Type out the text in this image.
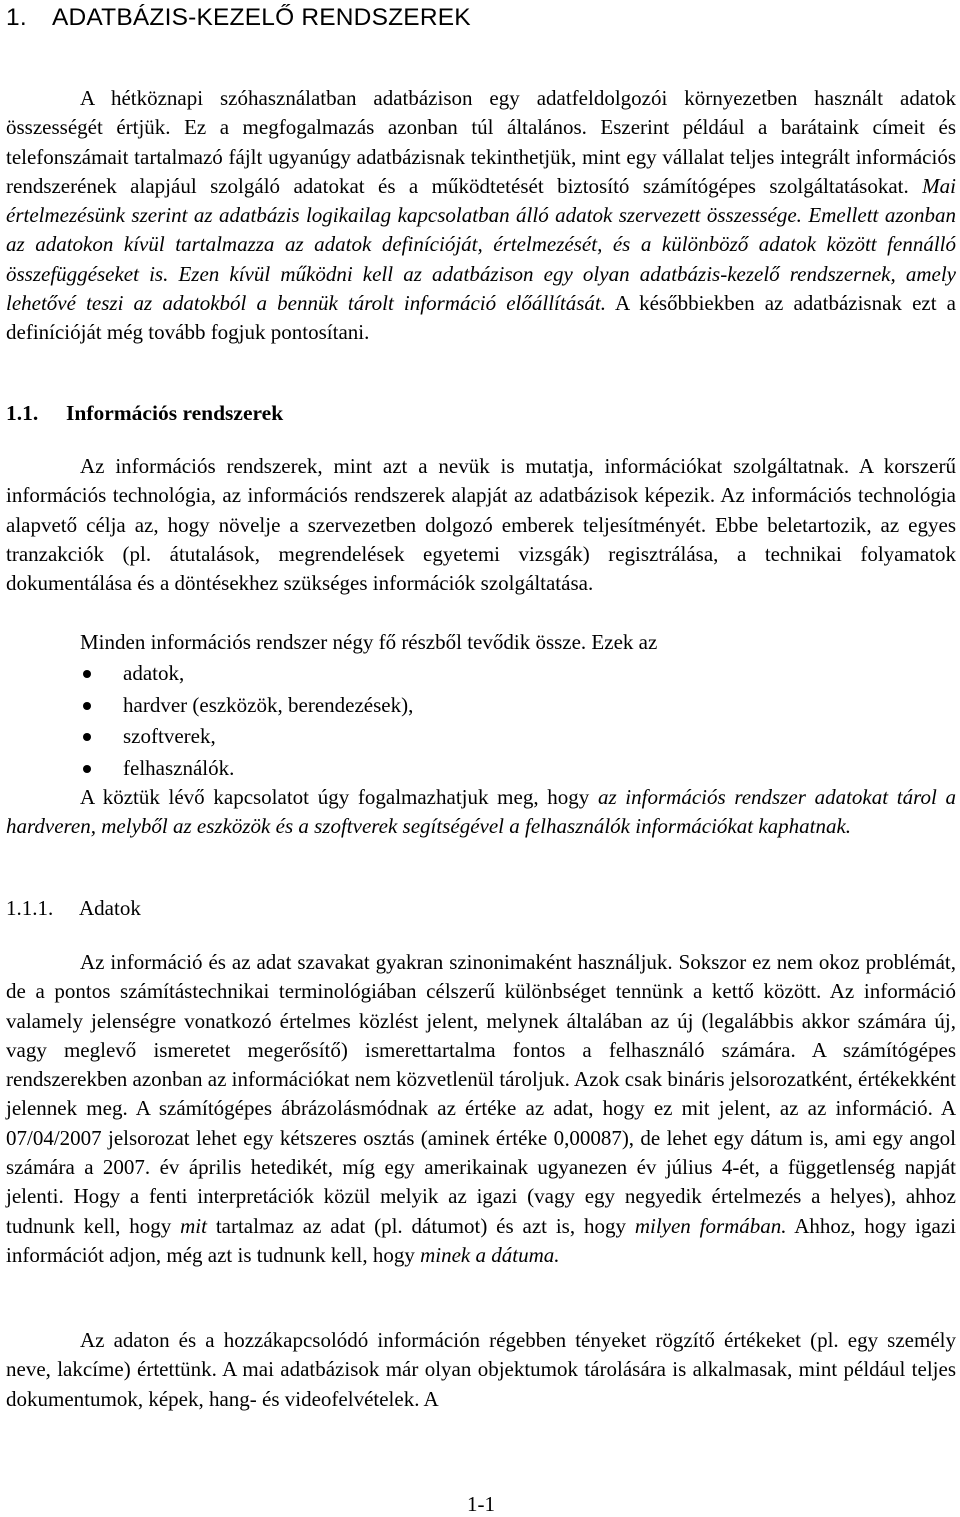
1. ADATBÁZIS-KEZELŐ RENDSZEREK

A hétköznapi szóhasználatban adatbázison egy adatfeldolgozói környezetben használt adatok összességét értjük. Ez a megfogalmazás azonban túl általános. Eszerint például a barátaink címeit és telefonszámait tartalmazó fájlt ugyanúgy adatbázisnak tekinthetjük, mint egy vállalat teljes integrált információs rendszerének alapjául szolgáló adatokat és a működtetését biztosító számítógépes szolgáltatásokat. Mai értelmezésünk szerint az adatbázis logikailag kapcsolatban álló adatok szervezett összessége. Emellett azonban az adatokon kívül tartalmazza az adatok definícióját, értelmezését, és a különböző adatok között fennálló összefüggéseket is. Ezen kívül működni kell az adatbázison egy olyan adatbázis-kezelő rendszernek, amely lehetővé teszi az adatokból a bennük tárolt információ előállítását. A későbbiekben az adatbázisnak ezt a definícióját még tovább fogjuk pontosítani.

1.1. Információs rendszerek

Az információs rendszerek, mint azt a nevük is mutatja, információkat szolgáltatnak. A korszerű információs technológia, az információs rendszerek alapját az adatbázisok képezik. Az információs technológia alapvető célja az, hogy növelje a szervezetben dolgozó emberek teljesítményét. Ebbe beletartozik, az egyes tranzakciók (pl. átutalások, megrendelések egyetemi vizsgák) regisztrálása, a technikai folyamatok dokumentálása és a döntésekhez szükséges információk szolgáltatása.

Minden információs rendszer négy fő részből tevődik össze. Ezek az

adatok,
hardver (eszközök, berendezések),
szoftverek,
felhasználók.

A köztük lévő kapcsolatot úgy fogalmazhatjuk meg, hogy az információs rendszer adatokat tárol a hardveren, melyből az eszközök és a szoftverek segítségével a felhasználók információkat kaphatnak.

1.1.1. Adatok

Az információ és az adat szavakat gyakran szinonimaként használjuk. Sokszor ez nem okoz problémát, de a pontos számítástechnikai terminológiában célszerű különbséget tennünk a kettő között. Az információ valamely jelenségre vonatkozó értelmes közlést jelent, melynek általában az új (legalábbis akkor számára új, vagy meglevő ismeretet megerősítő) ismerettartalma fontos a felhasználó számára. A számítógépes rendszerekben azonban az információkat nem közvetlenül tároljuk. Azok csak bináris jelsorozatként, értékekként jelennek meg. A számítógépes ábrázolásmódnak az értéke az adat, hogy ez mit jelent, az az információ. A 07/04/2007 jelsorozat lehet egy kétszeres osztás (aminek értéke 0,00087), de lehet egy dátum is, ami egy angol számára a 2007. év április hetedikét, míg egy amerikainak ugyanezen év július 4-ét, a függetlenség napját jelenti. Hogy a fenti interpretációk közül melyik az igazi (vagy egy negyedik értelmezés a helyes), ahhoz tudnunk kell, hogy mit tartalmaz az adat (pl. dátumot) és azt is, hogy milyen formában. Ahhoz, hogy igazi információt adjon, még azt is tudnunk kell, hogy minek a dátuma.

Az adaton és a hozzákapcsolódó információn régebben tényeket rögzítő értékeket (pl. egy személy neve, lakcíme) értettünk. A mai adatbázisok már olyan objektumok tárolására is alkalmasak, mint például teljes dokumentumok, képek, hang- és videofelvételek. A

1-1
